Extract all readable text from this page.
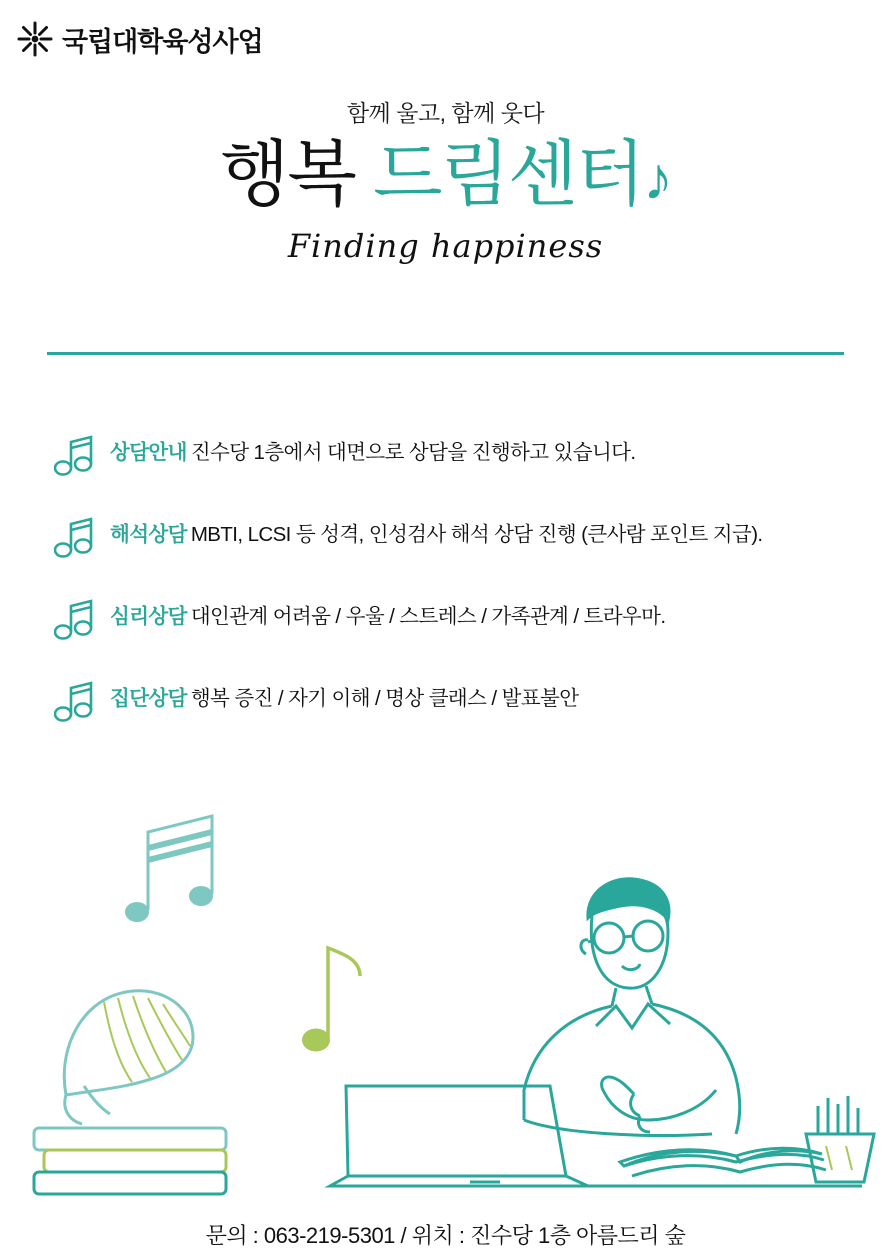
국립대학육성사업
함께 울고, 함께 웃다
행복 드림센터♪
Finding happiness
상담안내 진수당 1층에서 대면으로 상담을 진행하고 있습니다.
해석상담 MBTI, LCSI 등 성격, 인성검사 해석 상담 진행 (큰사람 포인트 지급).
심리상담 대인관계 어려움 / 우울 / 스트레스 / 가족관계 / 트라우마.
집단상담 행복 증진 / 자기 이해 / 명상 클래스 / 발표불안
문의 : 063-219-5301 / 위치 : 진수당 1층 아름드리 숲
